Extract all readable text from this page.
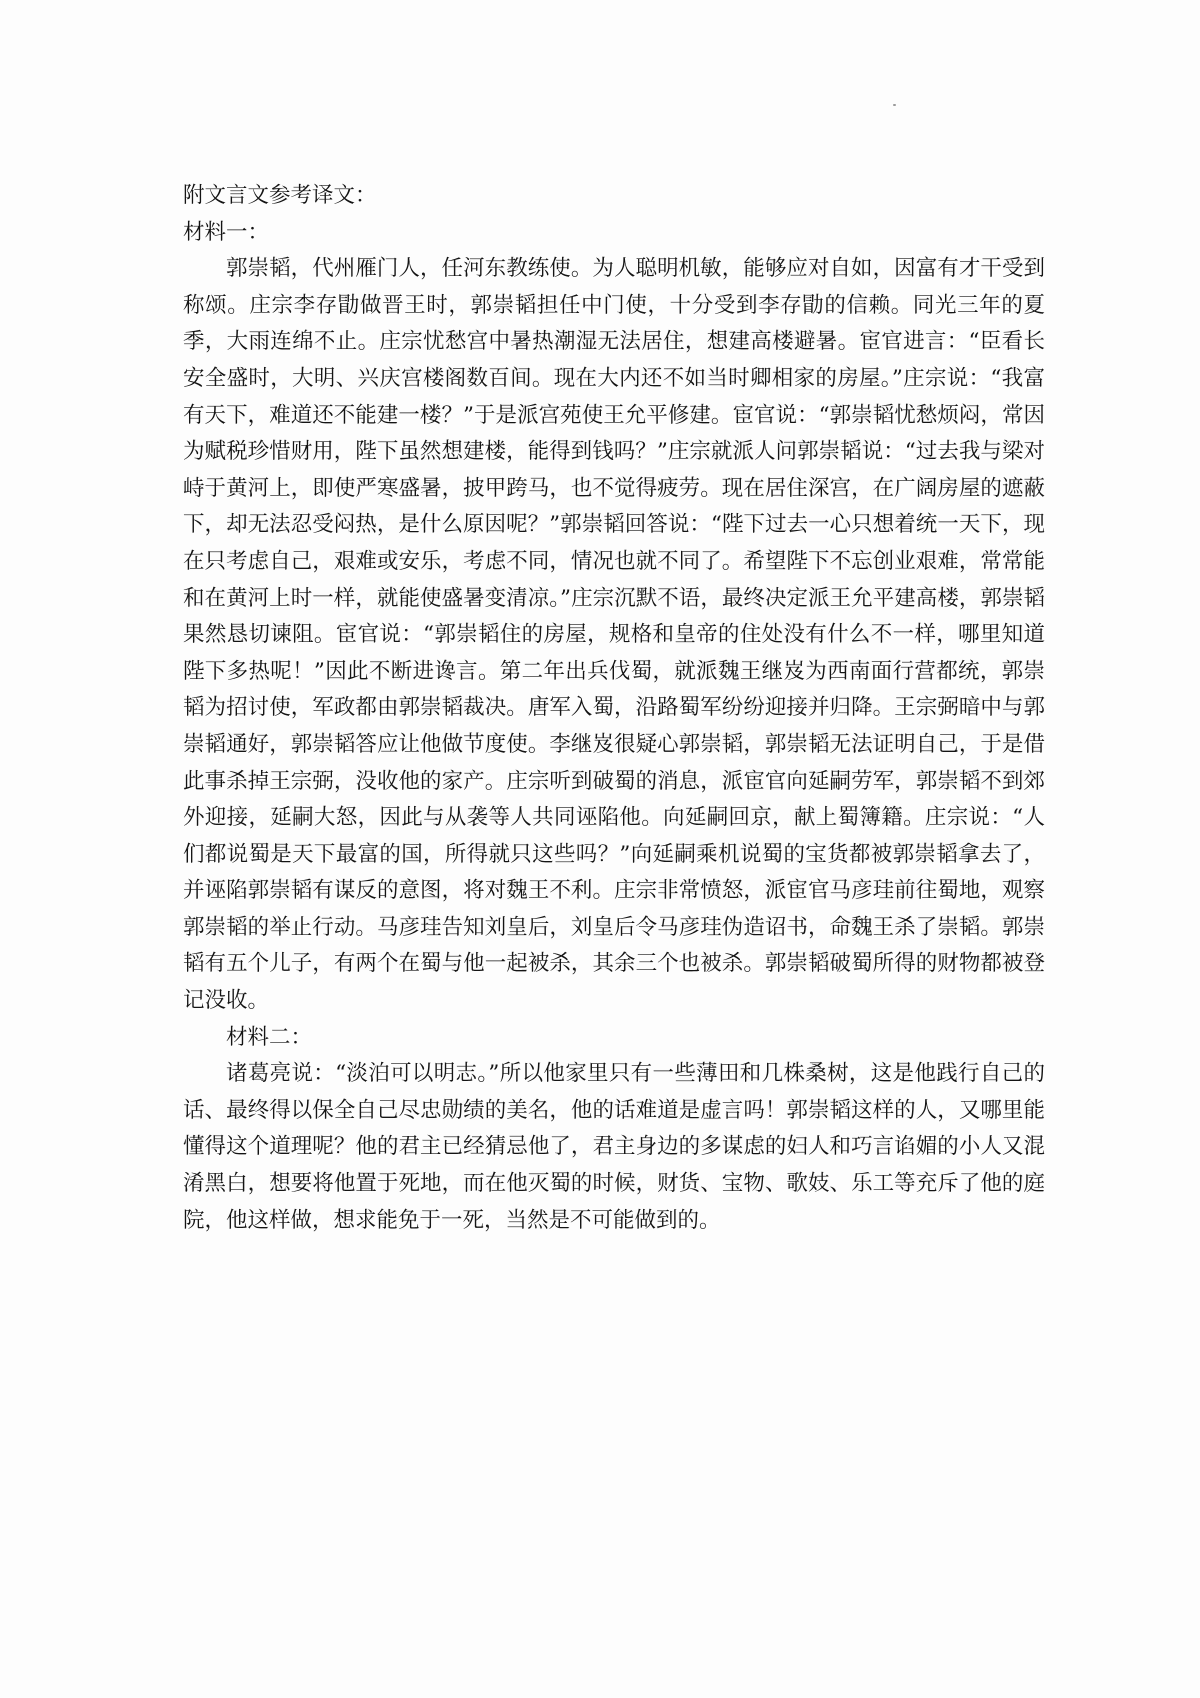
附文言文参考译文：

材料一：

郭崇韬，代州雁门人，任河东教练使。为人聪明机敏，能够应对自如，因富有才干受到称颂。庄宗李存勖做晋王时，郭崇韬担任中门使，十分受到李存勖的信赖。同光三年的夏季，大雨连绵不止。庄宗忧愁宫中暑热潮湿无法居住，想建高楼避暑。宦官进言：“臣看长安全盛时，大明、兴庆宫楼阁数百间。现在大内还不如当时卿相家的房屋。”庄宗说：“我富有天下，难道还不能建一楼？”于是派宫苑使王允平修建。宦官说：“郭崇韬忧愁烦闷，常因为赋税珍惜财用，陛下虽然想建楼，能得到钱吗？”庄宗就派人问郭崇韬说：“过去我与梁对峙于黄河上，即使严寒盛暑，披甲跨马，也不觉得疲劳。现在居住深宫，在广阔房屋的遮蔽下，却无法忍受闷热，是什么原因呢？”郭崇韬回答说：“陛下过去一心只想着统一天下，现在只考虑自己，艰难或安乐，考虑不同，情况也就不同了。希望陛下不忘创业艰难，常常能和在黄河上时一样，就能使盛暑变清凉。”庄宗沉默不语，最终决定派王允平建高楼，郭崇韬果然恳切谏阻。宦官说：“郭崇韬住的房屋，规格和皇帝的住处没有什么不一样，哪里知道陛下多热呢！”因此不断进谗言。第二年出兵伐蜀，就派魏王继岌为西南面行营都统，郭崇韬为招讨使，军政都由郭崇韬裁决。唐军入蜀，沿路蜀军纷纷迎接并归降。王宗弼暗中与郭崇韬通好，郭崇韬答应让他做节度使。李继岌很疑心郭崇韬，郭崇韬无法证明自己，于是借此事杀掉王宗弼，没收他的家产。庄宗听到破蜀的消息，派宦官向延嗣劳军，郭崇韬不到郊外迎接，延嗣大怒，因此与从袭等人共同诬陷他。向延嗣回京，献上蜀簿籍。庄宗说：“人们都说蜀是天下最富的国，所得就只这些吗？”向延嗣乘机说蜀的宝货都被郭崇韬拿去了，并诬陷郭崇韬有谋反的意图，将对魏王不利。庄宗非常愤怒，派宦官马彦珪前往蜀地，观察郭崇韬的举止行动。马彦珪告知刘皇后，刘皇后令马彦珪伪造诏书，命魏王杀了崇韬。郭崇韬有五个儿子，有两个在蜀与他一起被杀，其余三个也被杀。郭崇韬破蜀所得的财物都被登记没收。

材料二：

诸葛亮说：“淡泊可以明志。”所以他家里只有一些薄田和几株桑树，这是他践行自己的话、最终得以保全自己尽忠勋绩的美名，他的话难道是虚言吗！郭崇韬这样的人，又哪里能懂得这个道理呢？他的君主已经猜忌他了，君主身边的多谋虑的妇人和巧言谄媚的小人又混淆黑白，想要将他置于死地，而在他灭蜀的时候，财货、宝物、歌妓、乐工等充斥了他的庭院，他这样做，想求能免于一死，当然是不可能做到的。
